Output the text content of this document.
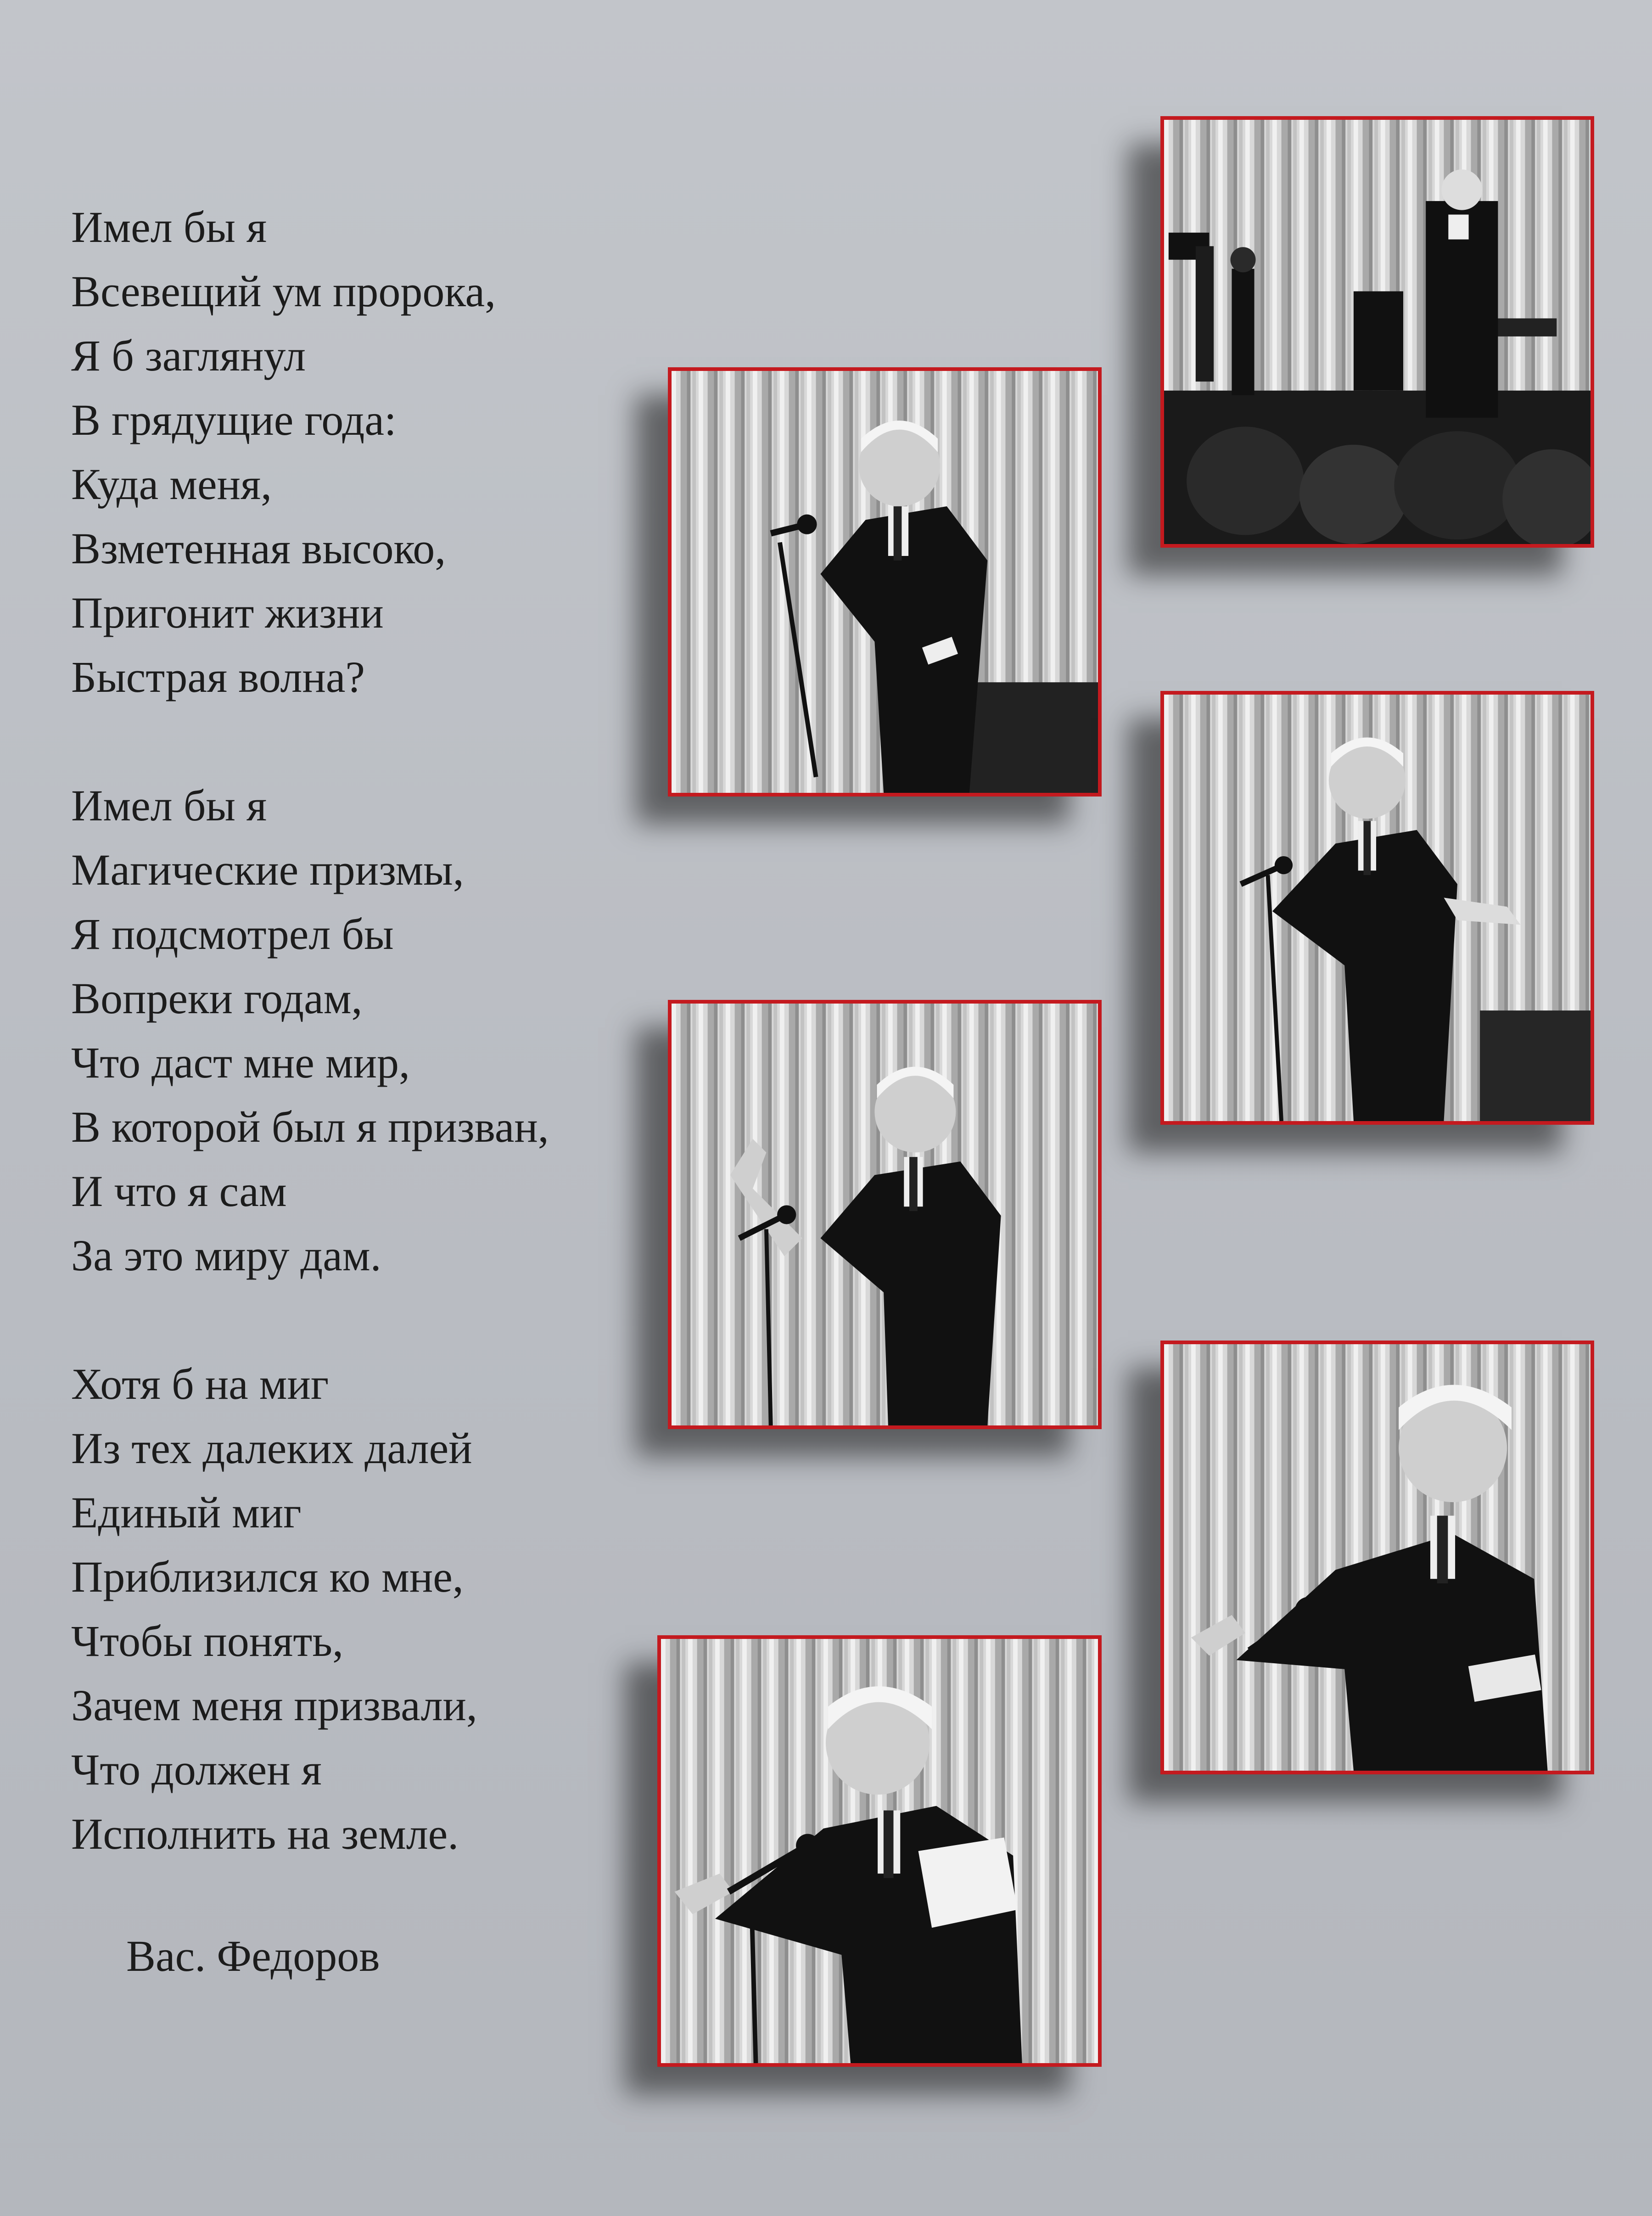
Имел бы я
Всевещий ум пророка,
Я б заглянул
В грядущие года:
Куда меня,
Взметенная высоко,
Пригонит жизни
Быстрая волна?
Имел бы я
Магические призмы,
Я подсмотрел бы
Вопреки годам,
Что даст мне мир,
В которой был я призван,
И что я сам
За это миру дам.
Хотя б на миг
Из тех далеких далей
Единый миг
Приблизился ко мне,
Чтобы понять,
Зачем меня призвали,
Что должен я
Исполнить на земле.
Вас. Федоров
